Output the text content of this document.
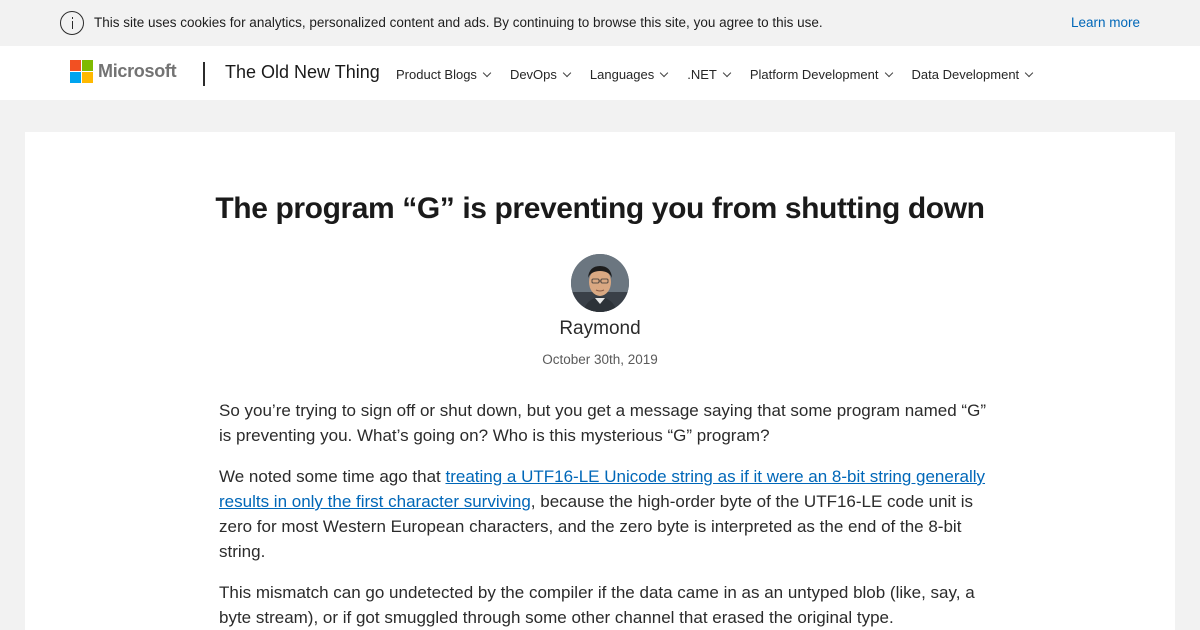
This site uses cookies for analytics, personalized content and ads. By continuing to browse this site, you agree to this use.	Learn more
Microsoft	The Old New Thing Product Blogs	DevOps	Languages	.NET	Platform Development	Data Development
The program “G” is preventing you from shutting down
Raymond
October 30th, 2019

So you’re trying to sign off or shut down, but you get a message saying that some program named “G” is preventing you. What’s going on? Who is this mysterious “G” program?

We noted some time ago that treating a UTF16-LE Unicode string as if it were an 8-bit string generally results in only the first character surviving, because the high-order byte of the UTF16-LE code unit is zero for most Western European characters, and the zero byte is interpreted as the end of the 8-bit string.

This mismatch can go undetected by the compiler if the data came in as an untyped blob (like, say, a byte stream), or if got smuggled through some other channel that erased the original type.
